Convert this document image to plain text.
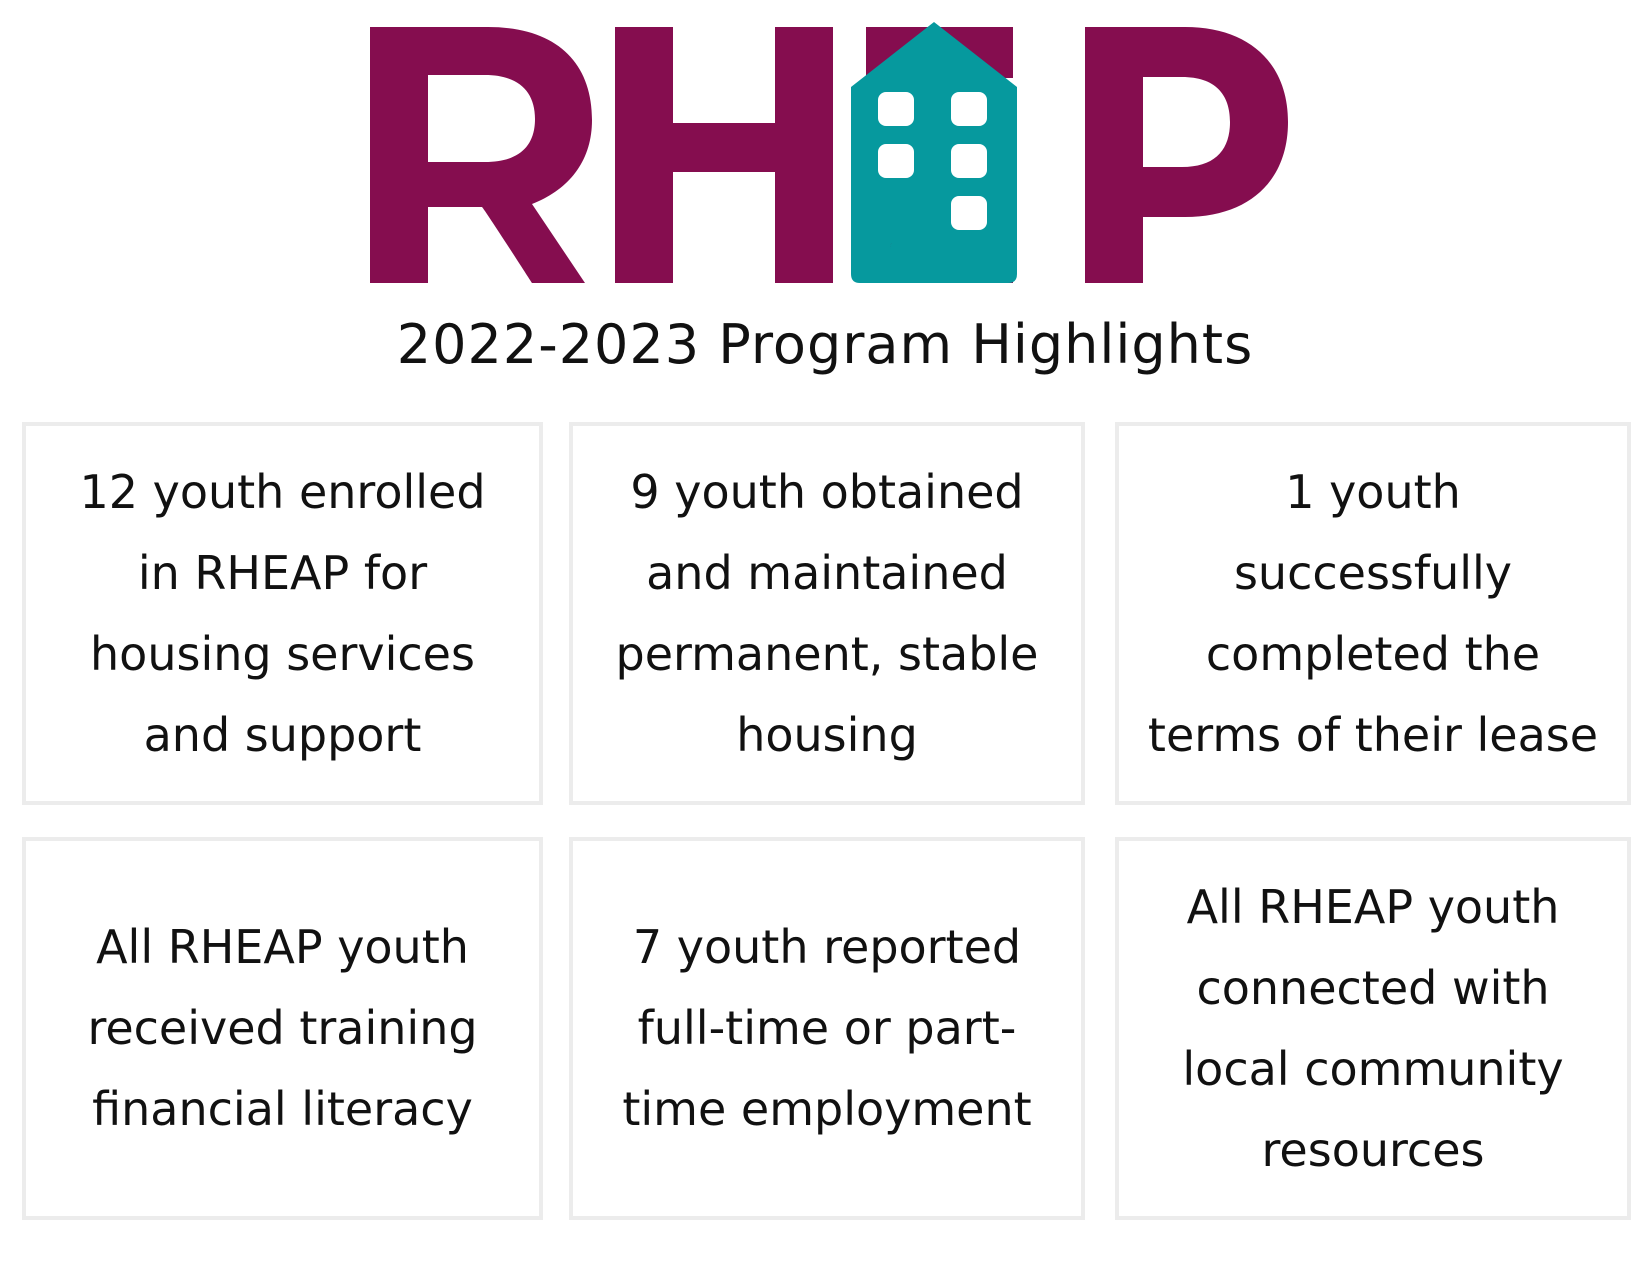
2022-2023 Program Highlights

12 youth enrolled
in RHEAP for
housing services
and support

9 youth obtained
and maintained
permanent, stable
housing

1 youth
successfully
completed the
terms of their lease

All RHEAP youth
received training
financial literacy

7 youth reported
full-time or part-
time employment

All RHEAP youth
connected with
local community
resources
